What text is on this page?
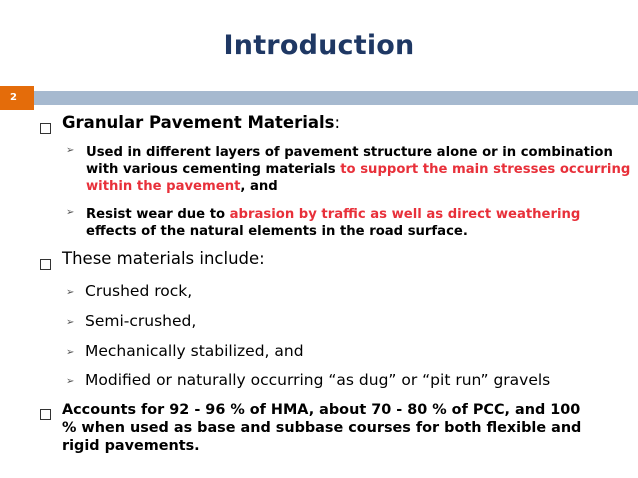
Introduction
2
Granular Pavement Materials:
➢ Used in different layers of pavement structure alone or in combination
with various cementing materials to support the main stresses occurring
within the pavement, and
➢ Resist wear due to abrasion by traffic as well as direct weathering
effects of the natural elements in the road surface.
These materials include:
➢ Crushed rock,
➢ Semi-crushed,
➢ Mechanically stabilized, and
➢ Modified or naturally occurring “as dug” or “pit run” gravels
Accounts for 92 - 96 % of HMA, about 70 - 80 % of PCC, and 100
% when used as base and subbase courses for both flexible and
rigid pavements.
